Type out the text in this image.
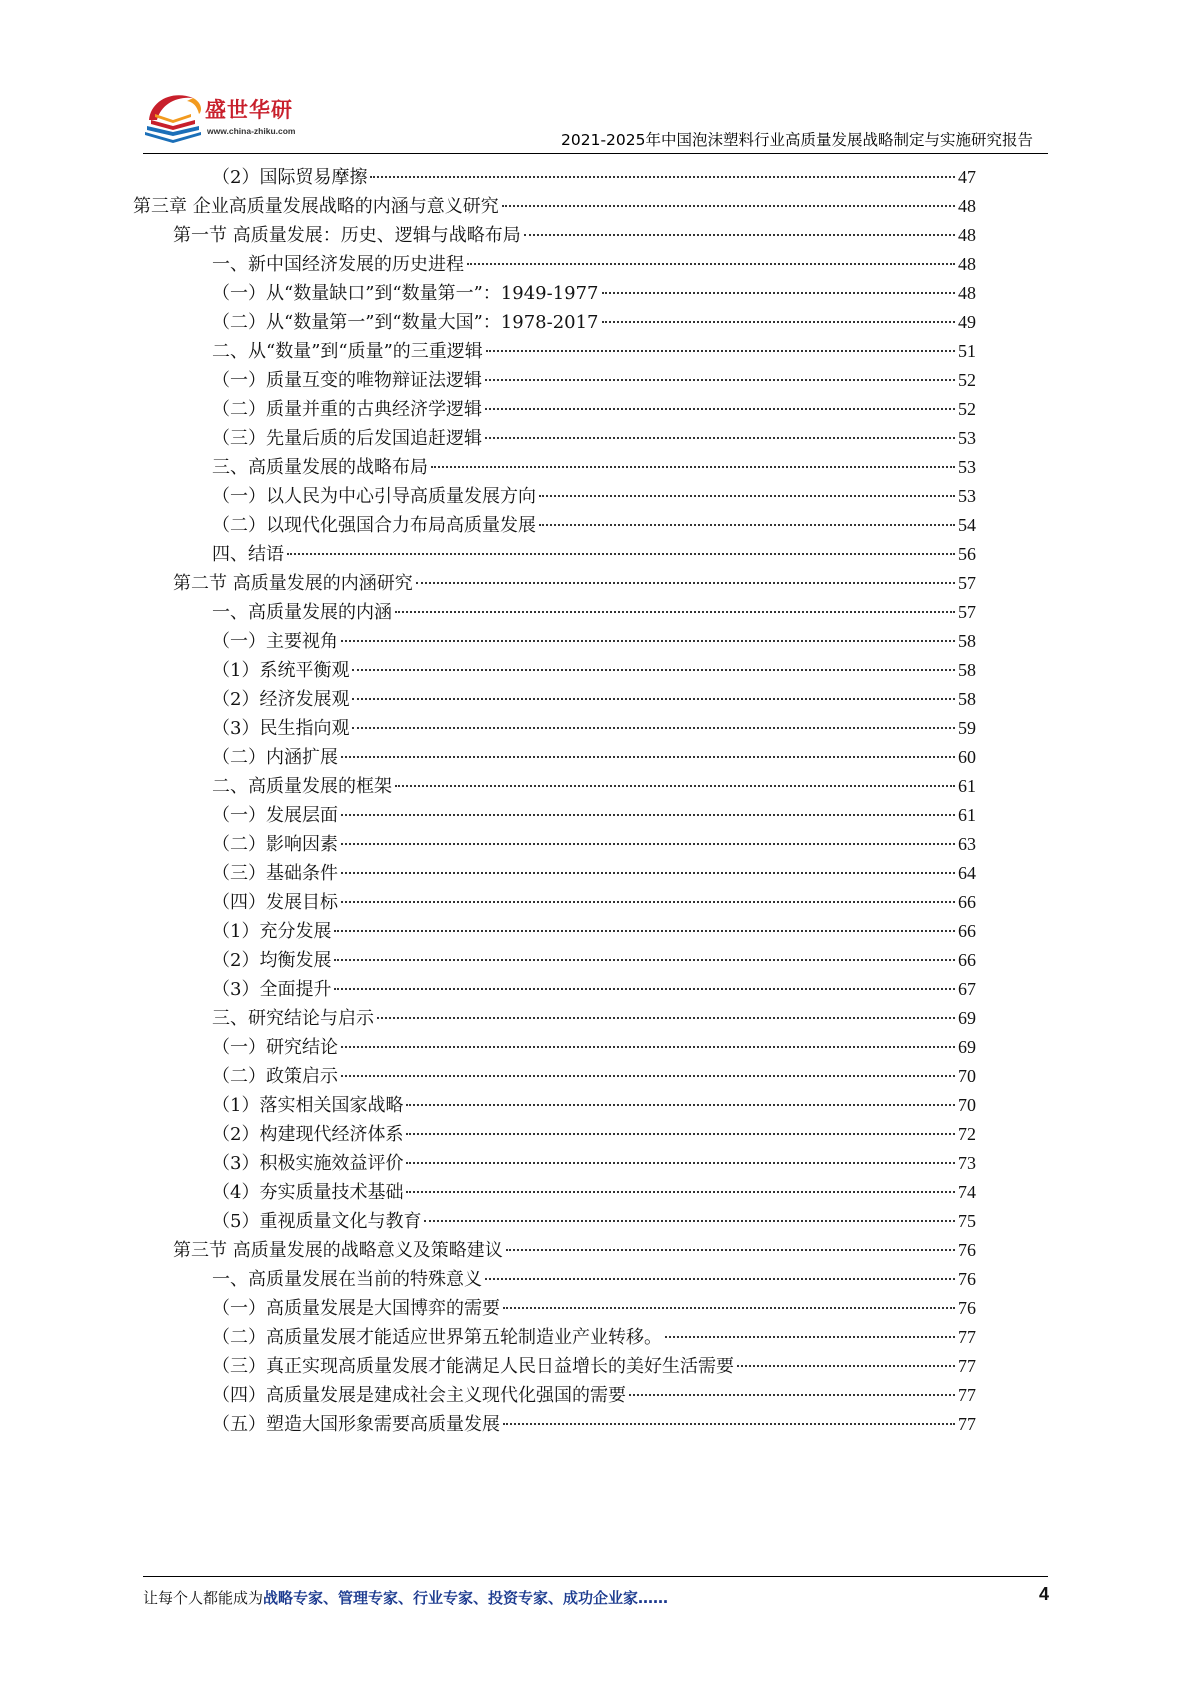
盛世华研
www.china-zhiku.com	2021-2025年中国泡沫塑料行业高质量发展战略制定与实施研究报告
（2）国际贸易摩擦	47
第三章 企业高质量发展战略的内涵与意义研究	48
第一节 高质量发展：历史、逻辑与战略布局	48
一、新中国经济发展的历史进程	48
（一）从“数量缺口”到“数量第一”：1949-1977	48
（二）从“数量第一”到“数量大国”：1978-2017	49
二、从“数量”到“质量”的三重逻辑	51
（一）质量互变的唯物辩证法逻辑	52
（二）质量并重的古典经济学逻辑	52
（三）先量后质的后发国追赶逻辑	53
三、高质量发展的战略布局	53
（一）以人民为中心引导高质量发展方向	53
（二）以现代化强国合力布局高质量发展	54
四、结语	56
第二节 高质量发展的内涵研究	57
一、高质量发展的内涵	57
（一）主要视角	58
（1）系统平衡观	58
（2）经济发展观	58
（3）民生指向观	59
（二）内涵扩展	60
二、高质量发展的框架	61
（一）发展层面	61
（二）影响因素	63
（三）基础条件	64
（四）发展目标	66
（1）充分发展	66
（2）均衡发展	66
（3）全面提升	67
三、研究结论与启示	69
（一）研究结论	69
（二）政策启示	70
（1）落实相关国家战略	70
（2）构建现代经济体系	72
（3）积极实施效益评价	73
（4）夯实质量技术基础	74
（5）重视质量文化与教育	75
第三节 高质量发展的战略意义及策略建议	76
一、高质量发展在当前的特殊意义	76
（一）高质量发展是大国博弈的需要	76
（二）高质量发展才能适应世界第五轮制造业产业转移。	77
（三）真正实现高质量发展才能满足人民日益增长的美好生活需要	77
（四）高质量发展是建成社会主义现代化强国的需要	77
（五）塑造大国形象需要高质量发展	77
让每个人都能成为战略专家、管理专家、行业专家、投资专家、成功企业家……	4
